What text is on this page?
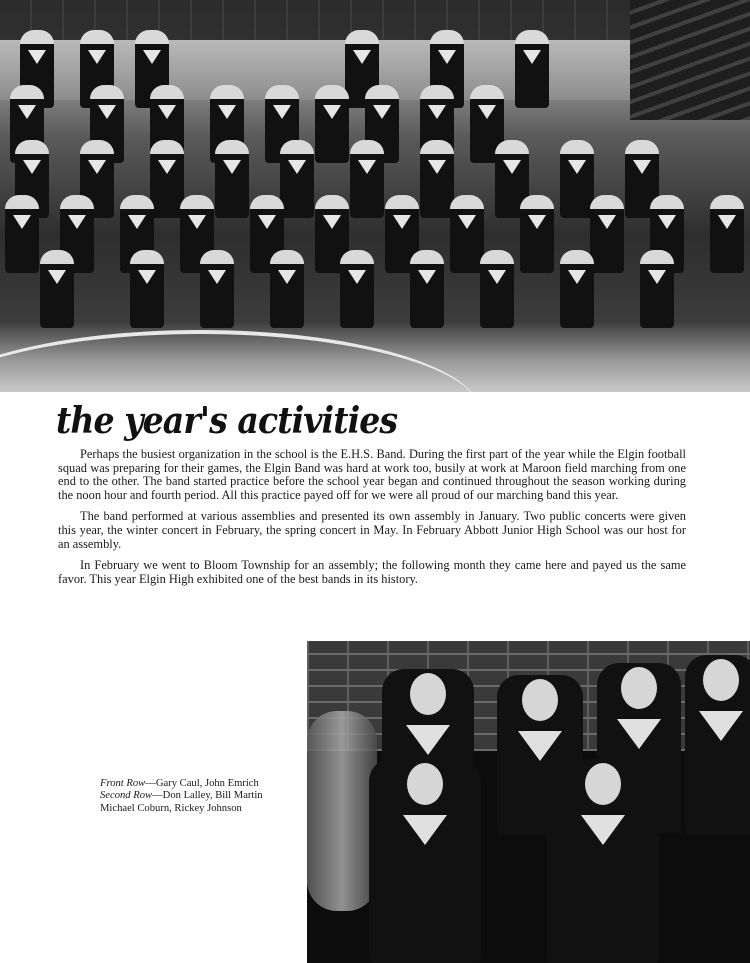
the year's activities

Perhaps the busiest organization in the school is the E.H.S. Band. During the first part of the year while the Elgin football squad was preparing for their games, the Elgin Band was hard at work too, busily at work at Maroon field marching from one end to the other. The band started practice before the school year began and continued throughout the season working during the noon hour and fourth period. All this practice payed off for we were all proud of our marching band this year.

The band performed at various assemblies and presented its own assembly in January. Two public concerts were given this year, the winter concert in February, the spring concert in May. In February Abbott Junior High School was our host for an assembly.

In February we went to Bloom Township for an assembly; the following month they came here and payed us the same favor. This year Elgin High exhibited one of the best bands in its history.

Front Row—Gary Caul, John Emrich
Second Row—Don Lalley, Bill Martin
Michael Coburn, Rickey Johnson
